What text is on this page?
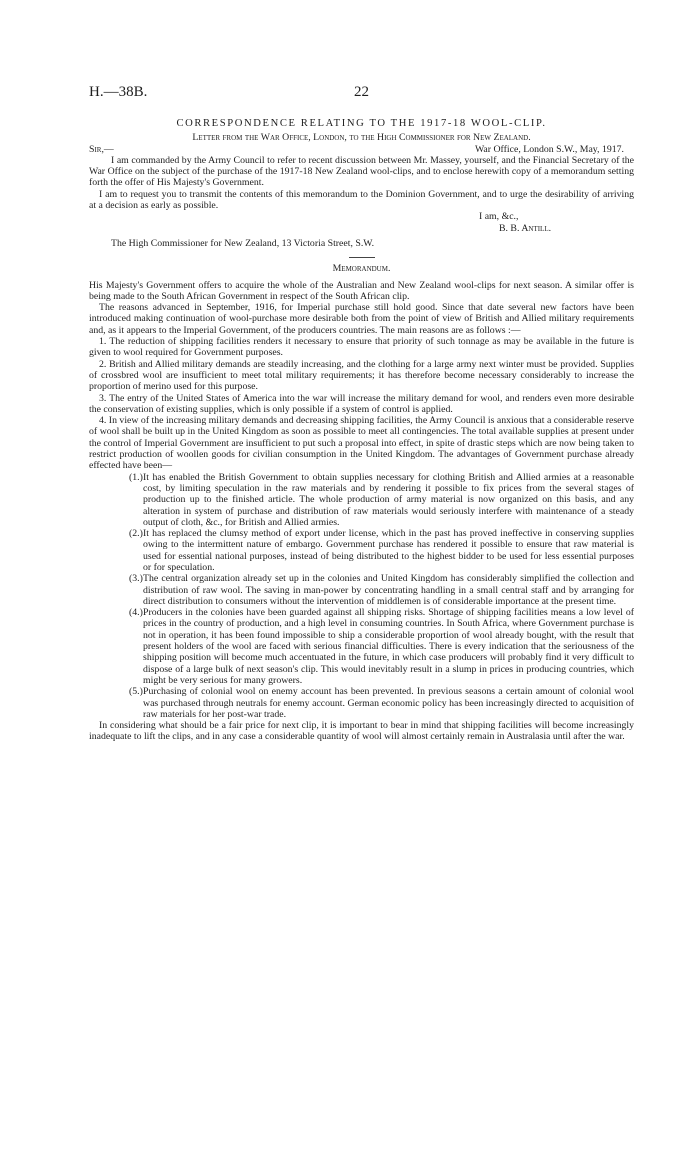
H.—38B.	22

CORRESPONDENCE RELATING TO THE 1917-18 WOOL-CLIP.

Letter from the War Office, London, to the High Commissioner for New Zealand.

Sir,—	War Office, London S.W., May, 1917.

I am commanded by the Army Council to refer to recent discussion between Mr. Massey, yourself, and the Financial Secretary of the War Office on the subject of the purchase of the 1917-18 New Zealand wool-clips, and to enclose herewith copy of a memorandum setting forth the offer of His Majesty's Government.

I am to request you to transmit the contents of this memorandum to the Dominion Government, and to urge the desirability of arriving at a decision as early as possible.

I am, &c.,

B. B. Antill.

The High Commissioner for New Zealand, 13 Victoria Street, S.W.

Memorandum.

His Majesty's Government offers to acquire the whole of the Australian and New Zealand wool-clips for next season. A similar offer is being made to the South African Government in respect of the South African clip.

The reasons advanced in September, 1916, for Imperial purchase still hold good. Since that date several new factors have been introduced making continuation of wool-purchase more desirable both from the point of view of British and Allied military requirements and, as it appears to the Imperial Government, of the producers countries. The main reasons are as follows :—

1. The reduction of shipping facilities renders it necessary to ensure that priority of such tonnage as may be available in the future is given to wool required for Government purposes.

2. British and Allied military demands are steadily increasing, and the clothing for a large army next winter must be provided. Supplies of crossbred wool are insufficient to meet total military requirements; it has therefore become necessary considerably to increase the proportion of merino used for this purpose.

3. The entry of the United States of America into the war will increase the military demand for wool, and renders even more desirable the conservation of existing supplies, which is only possible if a system of control is applied.

4. In view of the increasing military demands and decreasing shipping facilities, the Army Council is anxious that a considerable reserve of wool shall be built up in the United Kingdom as soon as possible to meet all contingencies. The total available supplies at present under the control of Imperial Government are insufficient to put such a proposal into effect, in spite of drastic steps which are now being taken to restrict production of woollen goods for civilian consumption in the United Kingdom. The advantages of Government purchase already effected have been—

(1.) It has enabled the British Government to obtain supplies necessary for clothing British and Allied armies at a reasonable cost, by limiting speculation in the raw materials and by rendering it possible to fix prices from the several stages of production up to the finished article. The whole production of army material is now organized on this basis, and any alteration in system of purchase and distribution of raw materials would seriously interfere with maintenance of a steady output of cloth, &c., for British and Allied armies.
(2.) It has replaced the clumsy method of export under license, which in the past has proved ineffective in conserving supplies owing to the intermittent nature of embargo. Government purchase has rendered it possible to ensure that raw material is used for essential national purposes, instead of being distributed to the highest bidder to be used for less essential purposes or for speculation.
(3.) The central organization already set up in the colonies and United Kingdom has considerably simplified the collection and distribution of raw wool. The saving in man-power by concentrating handling in a small central staff and by arranging for direct distribution to consumers without the intervention of middlemen is of considerable importance at the present time.
(4.) Producers in the colonies have been guarded against all shipping risks. Shortage of shipping facilities means a low level of prices in the country of production, and a high level in consuming countries. In South Africa, where Government purchase is not in operation, it has been found impossible to ship a considerable proportion of wool already bought, with the result that present holders of the wool are faced with serious financial difficulties. There is every indication that the seriousness of the shipping position will become much accentuated in the future, in which case producers will probably find it very difficult to dispose of a large bulk of next season's clip. This would inevitably result in a slump in prices in producing countries, which might be very serious for many growers.
(5.) Purchasing of colonial wool on enemy account has been prevented. In previous seasons a certain amount of colonial wool was purchased through neutrals for enemy account. German economic policy has been increasingly directed to acquisition of raw materials for her post-war trade.

In considering what should be a fair price for next clip, it is important to bear in mind that shipping facilities will become increasingly inadequate to lift the clips, and in any case a considerable quantity of wool will almost certainly remain in Australasia until after the war.
